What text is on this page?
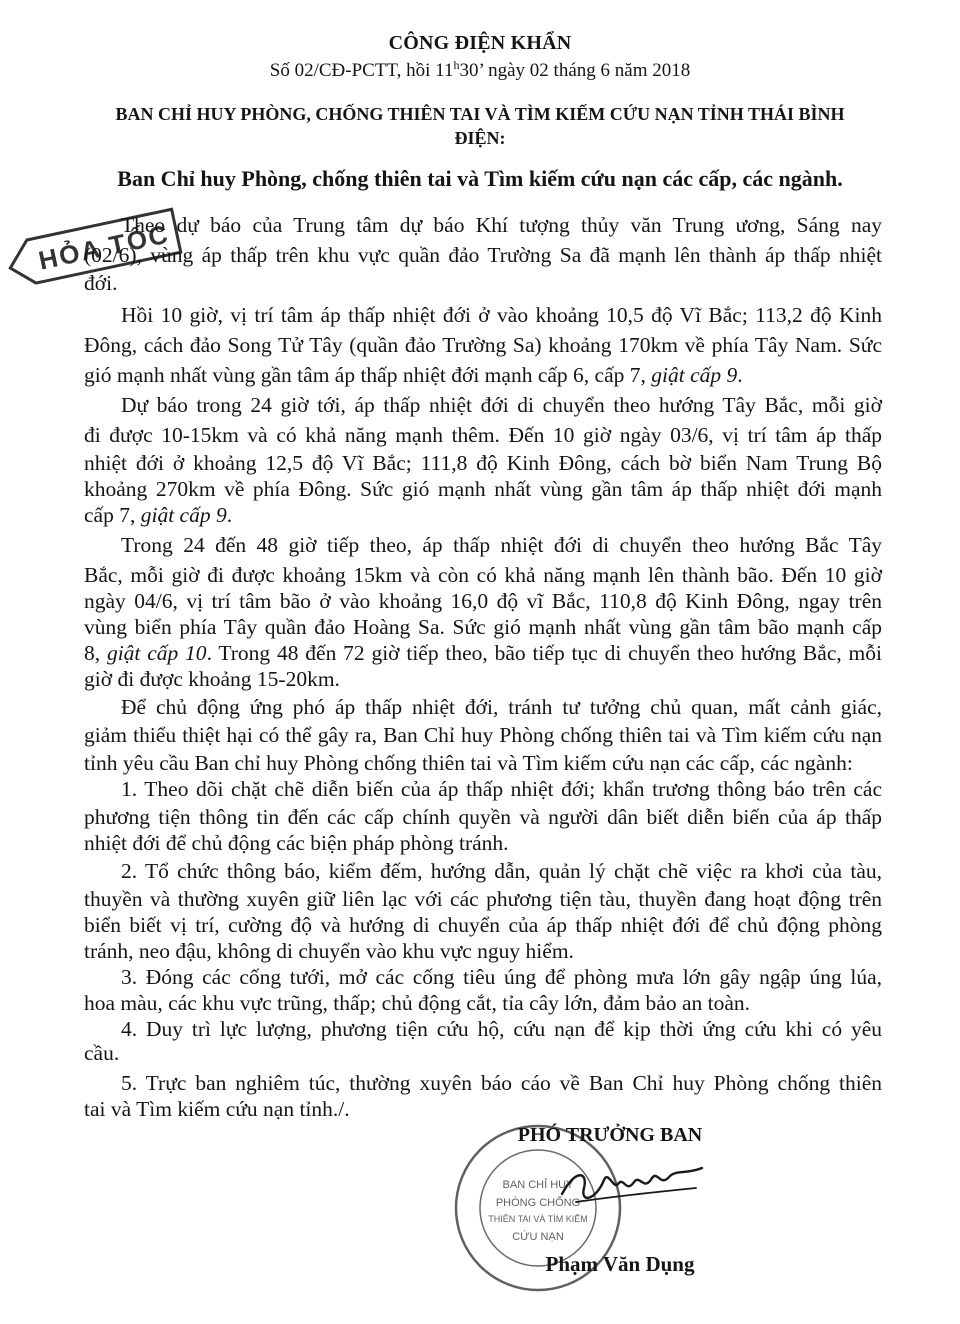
CÔNG ĐIỆN KHẨN
Số 02/CĐ-PCTT, hồi 11$^h$30’ ngày 02 tháng 6 năm 2018
BAN CHỈ HUY PHÒNG, CHỐNG THIÊN TAI VÀ TÌM KIẾM CỨU NẠN TỈNH THÁI BÌNH
ĐIỆN:
Ban Chỉ huy Phòng, chống thiên tai và Tìm kiếm cứu nạn các cấp, các ngành.
HỎA TỐC
Theo dự báo của Trung tâm dự báo Khí tượng thủy văn Trung ương, Sáng nay
(02/6), vùng áp thấp trên khu vực quần đảo Trường Sa đã mạnh lên thành áp thấp nhiệt
đới.
Hồi 10 giờ, vị trí tâm áp thấp nhiệt đới ở vào khoảng 10,5 độ Vĩ Bắc; 113,2 độ Kinh
Đông, cách đảo Song Tử Tây (quần đảo Trường Sa) khoảng 170km về phía Tây Nam. Sức
gió mạnh nhất vùng gần tâm áp thấp nhiệt đới mạnh cấp 6, cấp 7, giật cấp 9.
Dự báo trong 24 giờ tới, áp thấp nhiệt đới di chuyển theo hướng Tây Bắc, mỗi giờ
đi được 10-15km và có khả năng mạnh thêm. Đến 10 giờ ngày 03/6, vị trí tâm áp thấp
nhiệt đới ở khoảng 12,5 độ Vĩ Bắc; 111,8 độ Kinh Đông, cách bờ biển Nam Trung Bộ
khoảng 270km về phía Đông. Sức gió mạnh nhất vùng gần tâm áp thấp nhiệt đới mạnh
cấp 7, giật cấp 9.
Trong 24 đến 48 giờ tiếp theo, áp thấp nhiệt đới di chuyển theo hướng Bắc Tây
Bắc, mỗi giờ đi được khoảng 15km và còn có khả năng mạnh lên thành bão. Đến 10 giờ
ngày 04/6, vị trí tâm bão ở vào khoảng 16,0 độ vĩ Bắc, 110,8 độ Kinh Đông, ngay trên
vùng biển phía Tây quần đảo Hoàng Sa. Sức gió mạnh nhất vùng gần tâm bão mạnh cấp
8, giật cấp 10. Trong 48 đến 72 giờ tiếp theo, bão tiếp tục di chuyển theo hướng Bắc, mỗi
giờ đi được khoảng 15-20km.
Để chủ động ứng phó áp thấp nhiệt đới, tránh tư tưởng chủ quan, mất cảnh giác,
giảm thiểu thiệt hại có thể gây ra, Ban Chỉ huy Phòng chống thiên tai và Tìm kiếm cứu nạn
tỉnh yêu cầu Ban chỉ huy Phòng chống thiên tai và Tìm kiếm cứu nạn các cấp, các ngành:
1. Theo dõi chặt chẽ diễn biến của áp thấp nhiệt đới; khẩn trương thông báo trên các
phương tiện thông tin đến các cấp chính quyền và người dân biết diễn biến của áp thấp
nhiệt đới để chủ động các biện pháp phòng tránh.
2. Tổ chức thông báo, kiểm đếm, hướng dẫn, quản lý chặt chẽ việc ra khơi của tàu,
thuyền và thường xuyên giữ liên lạc với các phương tiện tàu, thuyền đang hoạt động trên
biển biết vị trí, cường độ và hướng di chuyển của áp thấp nhiệt đới để chủ động phòng
tránh, neo đậu, không di chuyển vào khu vực nguy hiểm.
3. Đóng các cống tưới, mở các cống tiêu úng để phòng mưa lớn gây ngập úng lúa,
hoa màu, các khu vực trũng, thấp; chủ động cắt, tỉa cây lớn, đảm bảo an toàn.
4. Duy trì lực lượng, phương tiện cứu hộ, cứu nạn để kịp thời ứng cứu khi có yêu
cầu.
5. Trực ban nghiêm túc, thường xuyên báo cáo về Ban Chỉ huy Phòng chống thiên
tai và Tìm kiếm cứu nạn tỉnh./.
BAN CHỈ HUY
PHÒNG CHỐNG
THIÊN TAI VÀ TÌM KIẾM
CỨU NẠN
PHÓ TRƯỞNG BAN
Phạm Văn Dụng
